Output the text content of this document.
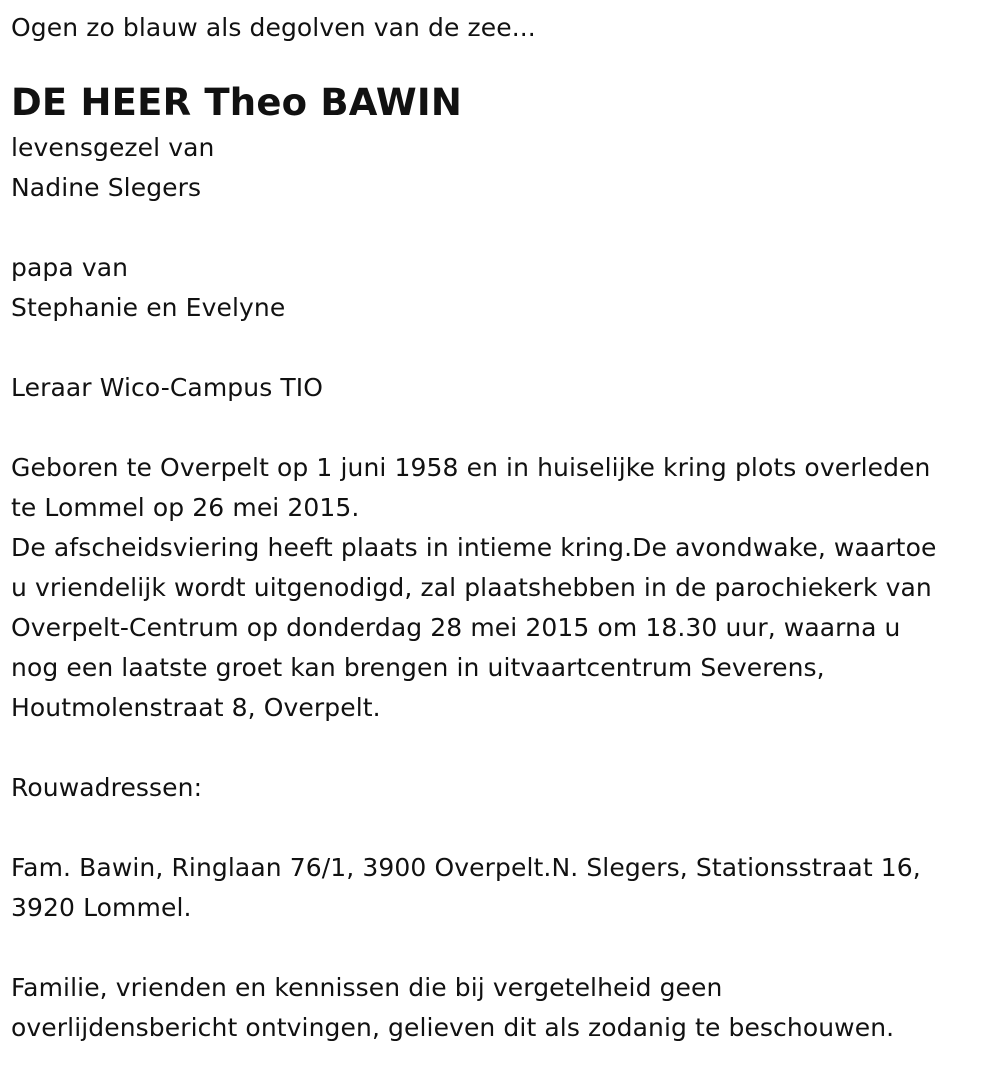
Ogen zo blauw als degolven van de zee...
DE HEER Theo BAWIN
levensgezel van
Nadine Slegers
papa van
Stephanie en Evelyne
Leraar Wico-Campus TIO
Geboren te Overpelt op 1 juni 1958 en in huiselijke kring plots overleden
te Lommel op 26 mei 2015.
De afscheidsviering heeft plaats in intieme kring.De avondwake, waartoe
u vriendelijk wordt uitgenodigd, zal plaatshebben in de parochiekerk van
Overpelt-Centrum op donderdag 28 mei 2015 om 18.30 uur, waarna u
nog een laatste groet kan brengen in uitvaartcentrum Severens,
Houtmolenstraat 8, Overpelt.
Rouwadressen:
Fam. Bawin, Ringlaan 76/1, 3900 Overpelt.N. Slegers, Stationsstraat 16,
3920 Lommel.
Familie, vrienden en kennissen die bij vergetelheid geen
overlijdensbericht ontvingen, gelieven dit als zodanig te beschouwen.
